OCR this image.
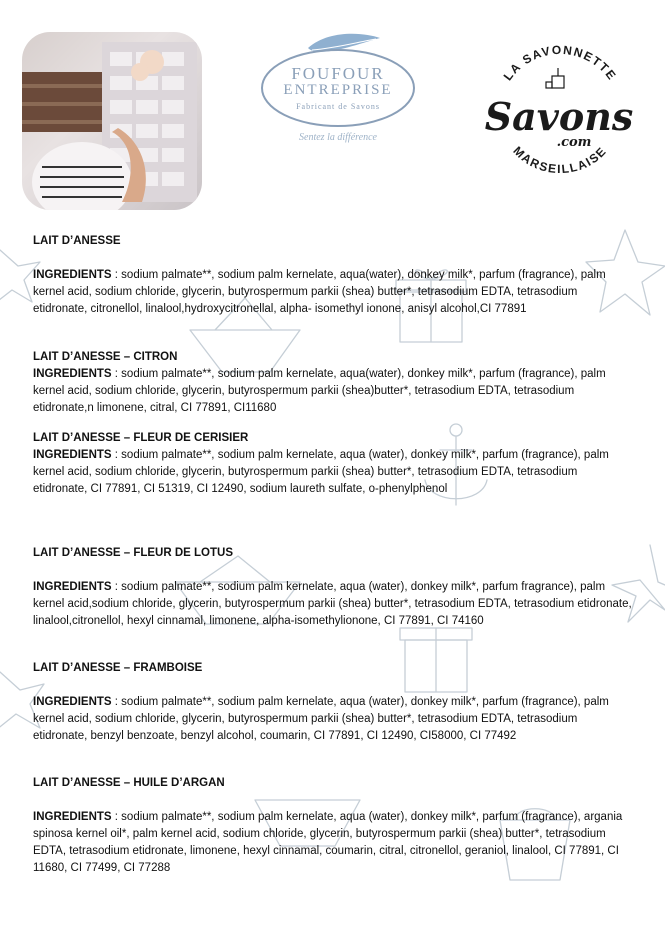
FOUFOUR
ENTREPRISE
Fabricant de Savons
Sentez la différence
LA SAVONNETTE
Savons
.com
MARSEILLAISE

LAIT D’ANESSE

INGREDIENTS : sodium palmate**, sodium palm kernelate, aqua(water), donkey milk*, parfum (fragrance), palm kernel acid, sodium chloride, glycerin, butyrospermum parkii (shea) butter*, tetrasodium EDTA, tetrasodium etidronate, citronellol, linalool,hydroxycitronellal, alpha- isomethyl ionone, anisyl alcohol,CI 77891

LAIT D’ANESSE – CITRON

INGREDIENTS : sodium palmate**, sodium palm kernelate, aqua(water), donkey milk*, parfum (fragrance), palm kernel acid, sodium chloride, glycerin, butyrospermum parkii (shea)butter*, tetrasodium EDTA, tetrasodium etidronate,n limonene, citral, CI 77891, CI11680

LAIT D’ANESSE – FLEUR DE CERISIER

INGREDIENTS : sodium palmate**, sodium palm kernelate, aqua (water), donkey milk*, parfum (fragrance), palm kernel acid, sodium chloride, glycerin, butyrospermum parkii (shea) butter*, tetrasodium EDTA, tetrasodium etidronate, CI 77891, CI 51319, CI 12490, sodium laureth sulfate, o-phenylphenol

LAIT D’ANESSE – FLEUR DE LOTUS

INGREDIENTS : sodium palmate**, sodium palm kernelate, aqua (water), donkey milk*, parfum fragrance), palm kernel acid,sodium chloride, glycerin, butyrospermum parkii (shea) butter*, tetrasodium EDTA, tetrasodium etidronate, linalool,citronellol, hexyl cinnamal, limonene, alpha-isomethylionone, CI 77891, CI 74160

LAIT D’ANESSE – FRAMBOISE

INGREDIENTS : sodium palmate**, sodium palm kernelate, aqua (water), donkey milk*, parfum (fragrance), palm kernel acid, sodium chloride, glycerin, butyrospermum parkii (shea) butter*, tetrasodium EDTA, tetrasodium etidronate, benzyl benzoate, benzyl alcohol, coumarin, CI 77891, CI 12490, CI58000, CI 77492

LAIT D’ANESSE – HUILE D’ARGAN

INGREDIENTS : sodium palmate**, sodium palm kernelate, aqua (water), donkey milk*, parfum (fragrance), argania spinosa kernel oil*, palm kernel acid, sodium chloride, glycerin, butyrospermum parkii (shea) butter*, tetrasodium EDTA, tetrasodium etidronate, limonene, hexyl cinnamal, coumarin, citral, citronellol, geraniol, linalool, CI 77891, CI 11680, CI 77499, CI 77288
